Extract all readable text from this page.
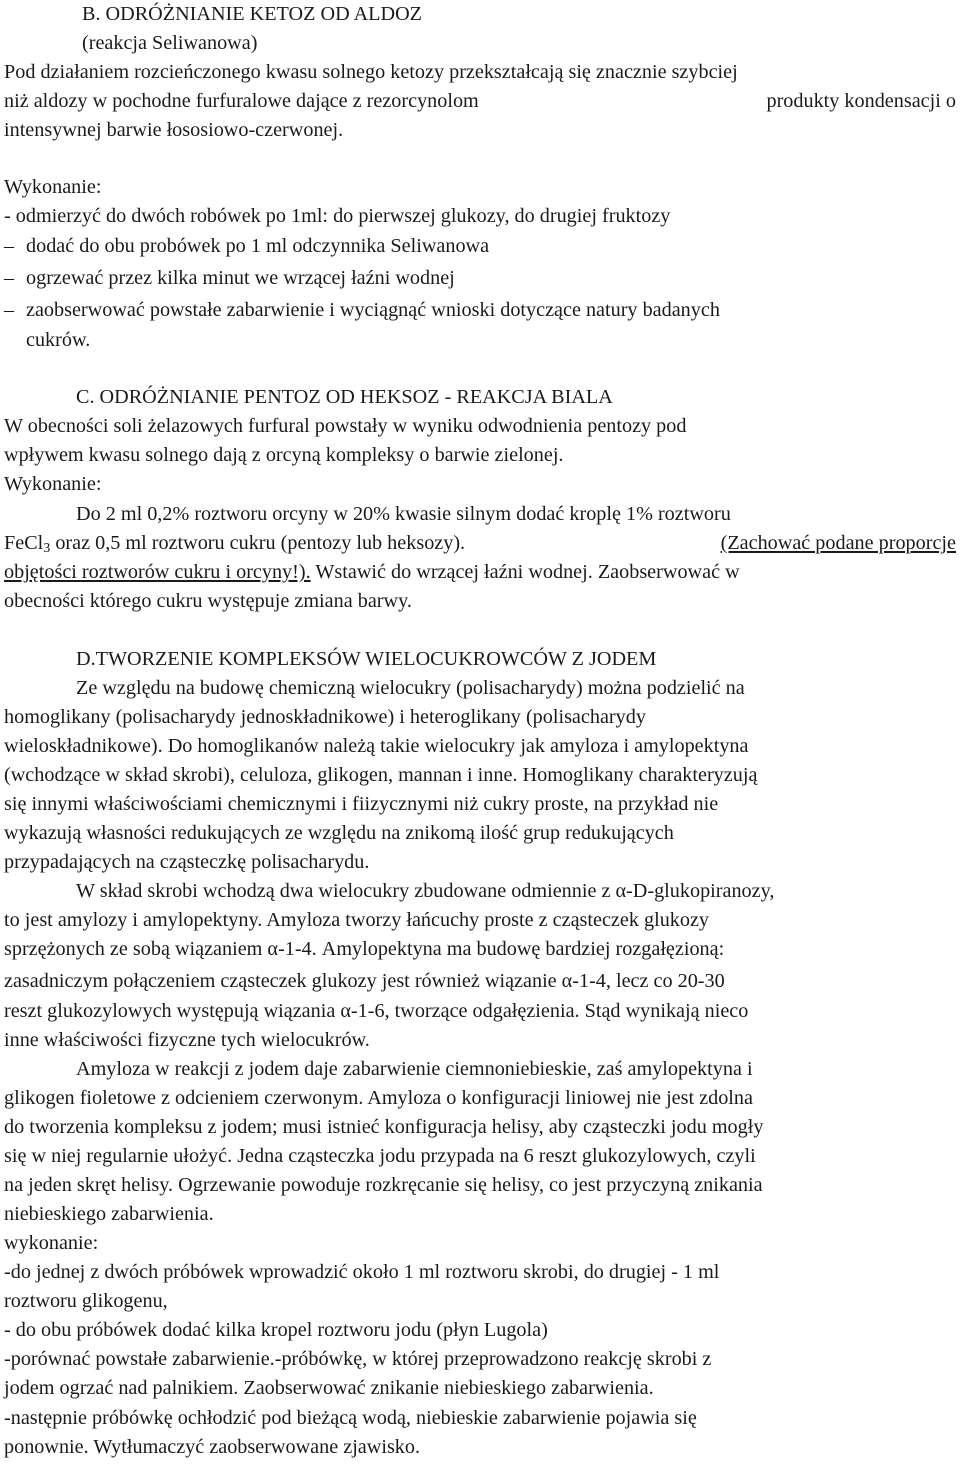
B. ODRÓŻNIANIE KETOZ OD ALDOZ
(reakcja Seliwanowa)
Pod działaniem rozcieńczonego kwasu solnego ketozy przekształcają się znacznie szybciej
niż aldozy w pochodne furfuralowe dające z rezorcynolom	produkty kondensacji o
intensywnej barwie łososiowo-czerwonej.
Wykonanie:
- odmierzyć do dwóch robówek po 1ml: do pierwszej glukozy, do drugiej fruktozy
– dodać do obu probówek po 1 ml odczynnika Seliwanowa
– ogrzewać przez kilka minut we wrzącej łaźni wodnej
– zaobserwować powstałe zabarwienie i wyciągnąć wnioski dotyczące natury badanych
cukrów.
C. ODRÓŻNIANIE PENTOZ OD HEKSOZ - REAKCJA BIALA
W obecności soli żelazowych furfural powstały w wyniku odwodnienia pentozy pod
wpływem kwasu solnego dają z orcyną kompleksy o barwie zielonej.
Wykonanie:
Do 2 ml 0,2% roztworu orcyny w 20% kwasie silnym dodać kroplę 1% roztworu
FeCl$_3$ oraz 0,5 ml roztworu cukru (pentozy lub heksozy).	(Zachować podane proporcje
objętości roztworów cukru i orcyny!). Wstawić do wrzącej łaźni wodnej. Zaobserwować w
obecności którego cukru występuje zmiana barwy.
D.TWORZENIE KOMPLEKSÓW WIELOCUKROWCÓW Z JODEM
Ze względu na budowę chemiczną wielocukry (polisacharydy) można podzielić na
homoglikany (polisacharydy jednoskładnikowe) i heteroglikany (polisacharydy
wieloskładnikowe). Do homoglikanów należą takie wielocukry jak amyloza i amylopektyna
(wchodzące w skład skrobi), celuloza, glikogen, mannan i inne. Homoglikany charakteryzują
się innymi właściwościami chemicznymi i fiizycznymi niż cukry proste, na przykład nie
wykazują własności redukujących ze względu na znikomą ilość grup redukujących
przypadających na cząsteczkę polisacharydu.
W skład skrobi wchodzą dwa wielocukry zbudowane odmiennie z α-D-glukopiranozy,
to jest amylozy i amylopektyny. Amyloza tworzy łańcuchy proste z cząsteczek glukozy
sprzężonych ze sobą wiązaniem α-1-4. Amylopektyna ma budowę bardziej rozgałęzioną:
zasadniczym połączeniem cząsteczek glukozy jest również wiązanie α-1-4, lecz co 20-30
reszt glukozylowych występują wiązania α-1-6, tworzące odgałęzienia. Stąd wynikają nieco
inne właściwości fizyczne tych wielocukrów.
Amyloza w reakcji z jodem daje zabarwienie ciemnoniebieskie, zaś amylopektyna i
glikogen fioletowe z odcieniem czerwonym. Amyloza o konfiguracji liniowej nie jest zdolna
do tworzenia kompleksu z jodem; musi istnieć konfiguracja helisy, aby cząsteczki jodu mogły
się w niej regularnie ułożyć. Jedna cząsteczka jodu przypada na 6 reszt glukozylowych, czyli
na jeden skręt helisy. Ogrzewanie powoduje rozkręcanie się helisy, co jest przyczyną znikania
niebieskiego zabarwienia.
wykonanie:
-do jednej z dwóch próbówek wprowadzić około 1 ml roztworu skrobi, do drugiej - 1 ml
roztworu glikogenu,
- do obu próbówek dodać kilka kropel roztworu jodu (płyn Lugola)
-porównać powstałe zabarwienie.-próbówkę, w której przeprowadzono reakcję skrobi z
jodem ogrzać nad palnikiem. Zaobserwować znikanie niebieskiego zabarwienia.
-następnie próbówkę ochłodzić pod bieżącą wodą, niebieskie zabarwienie pojawia się
ponownie. Wytłumaczyć zaobserwowane zjawisko.
